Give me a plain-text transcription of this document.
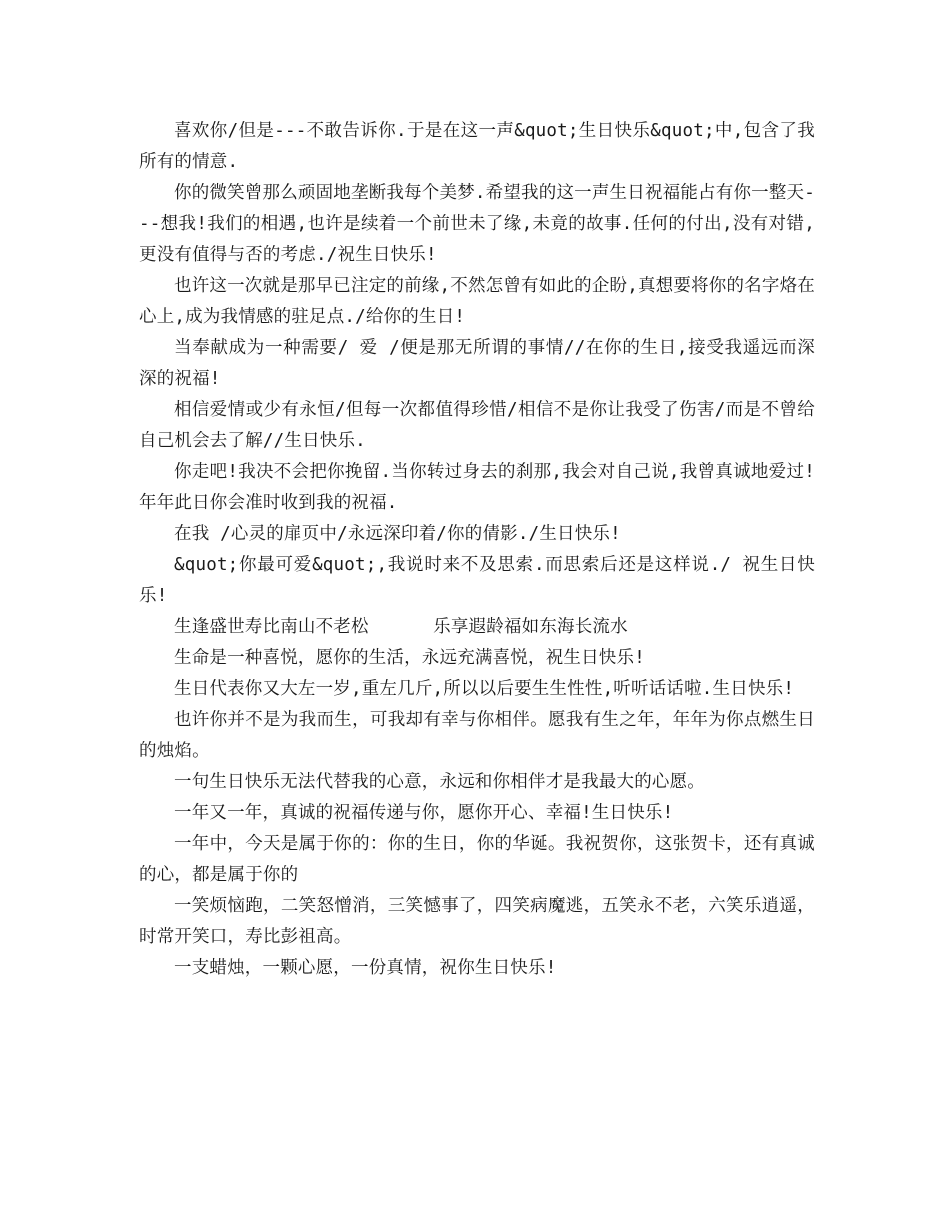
喜欢你/但是---不敢告诉你.于是在这一声&quot;生日快乐&quot;中,包含了我所有的情意.

你的微笑曾那么顽固地垄断我每个美梦.希望我的这一声生日祝福能占有你一整天---想我!我们的相遇,也许是续着一个前世未了缘,未竟的故事.任何的付出,没有对错,更没有值得与否的考虑./祝生日快乐!

也许这一次就是那早已注定的前缘,不然怎曾有如此的企盼,真想要将你的名字烙在心上,成为我情感的驻足点./给你的生日!

当奉献成为一种需要/ 爱 /便是那无所谓的事情//在你的生日,接受我遥远而深深的祝福!

相信爱情或少有永恒/但每一次都值得珍惜/相信不是你让我受了伤害/而是不曾给自己机会去了解//生日快乐.

你走吧!我决不会把你挽留.当你转过身去的刹那,我会对自己说,我曾真诚地爱过!年年此日你会准时收到我的祝福.

在我 /心灵的扉页中/永远深印着/你的倩影./生日快乐!

&quot;你最可爱&quot;,我说时来不及思索.而思索后还是这样说./ 祝生日快乐!

生逢盛世寿比南山不老松      乐享遐龄福如东海长流水

生命是一种喜悦，愿你的生活，永远充满喜悦，祝生日快乐!

生日代表你又大左一岁,重左几斤,所以以后要生生性性,听听话话啦.生日快乐!

也许你并不是为我而生，可我却有幸与你相伴。愿我有生之年，年年为你点燃生日的烛焰。

一句生日快乐无法代替我的心意，永远和你相伴才是我最大的心愿。

一年又一年，真诚的祝福传递与你，愿你开心、幸福!生日快乐!

一年中，今天是属于你的：你的生日，你的华诞。我祝贺你，这张贺卡，还有真诚的心，都是属于你的

一笑烦恼跑，二笑怒憎消，三笑憾事了，四笑病魔逃，五笑永不老，六笑乐逍遥，时常开笑口，寿比彭祖高。

一支蜡烛，一颗心愿，一份真情，祝你生日快乐!
